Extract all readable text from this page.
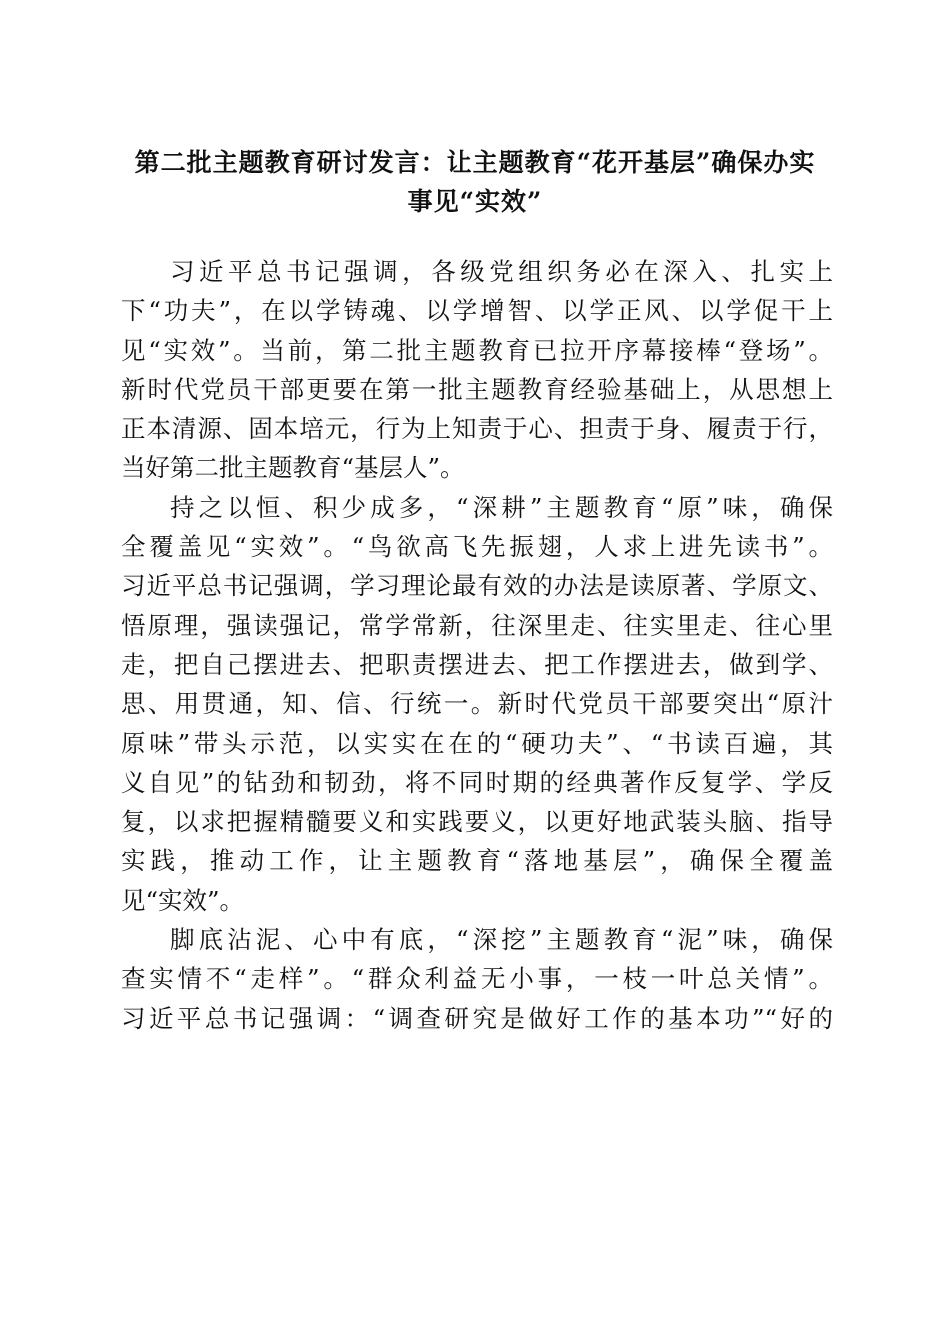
第二批主题教育研讨发言：让主题教育“花开基层”确保办实
事见“实效”
习近平总书记强调，各级党组织务必在深入、扎实上
下“功夫”，在以学铸魂、以学增智、以学正风、以学促干上
见“实效”。当前，第二批主题教育已拉开序幕接棒“登场”。
新时代党员干部更要在第一批主题教育经验基础上，从思想上
正本清源、固本培元，行为上知责于心、担责于身、履责于行，
当好第二批主题教育“基层人”。
持之以恒、积少成多，“深耕”主题教育“原”味，确保
全覆盖见“实效”。“鸟欲高飞先振翅，人求上进先读书”。
习近平总书记强调，学习理论最有效的办法是读原著、学原文、
悟原理，强读强记，常学常新，往深里走、往实里走、往心里
走，把自己摆进去、把职责摆进去、把工作摆进去，做到学、
思、用贯通，知、信、行统一。新时代党员干部要突出“原汁
原味”带头示范，以实实在在的“硬功夫”、“书读百遍，其
义自见”的钻劲和韧劲，将不同时期的经典著作反复学、学反
复，以求把握精髓要义和实践要义，以更好地武装头脑、指导
实践，推动工作，让主题教育“落地基层”，确保全覆盖
见“实效”。
脚底沾泥、心中有底，“深挖”主题教育“泥”味，确保
查实情不“走样”。“群众利益无小事，一枝一叶总关情”。
习近平总书记强调：“调查研究是做好工作的基本功”“好的
